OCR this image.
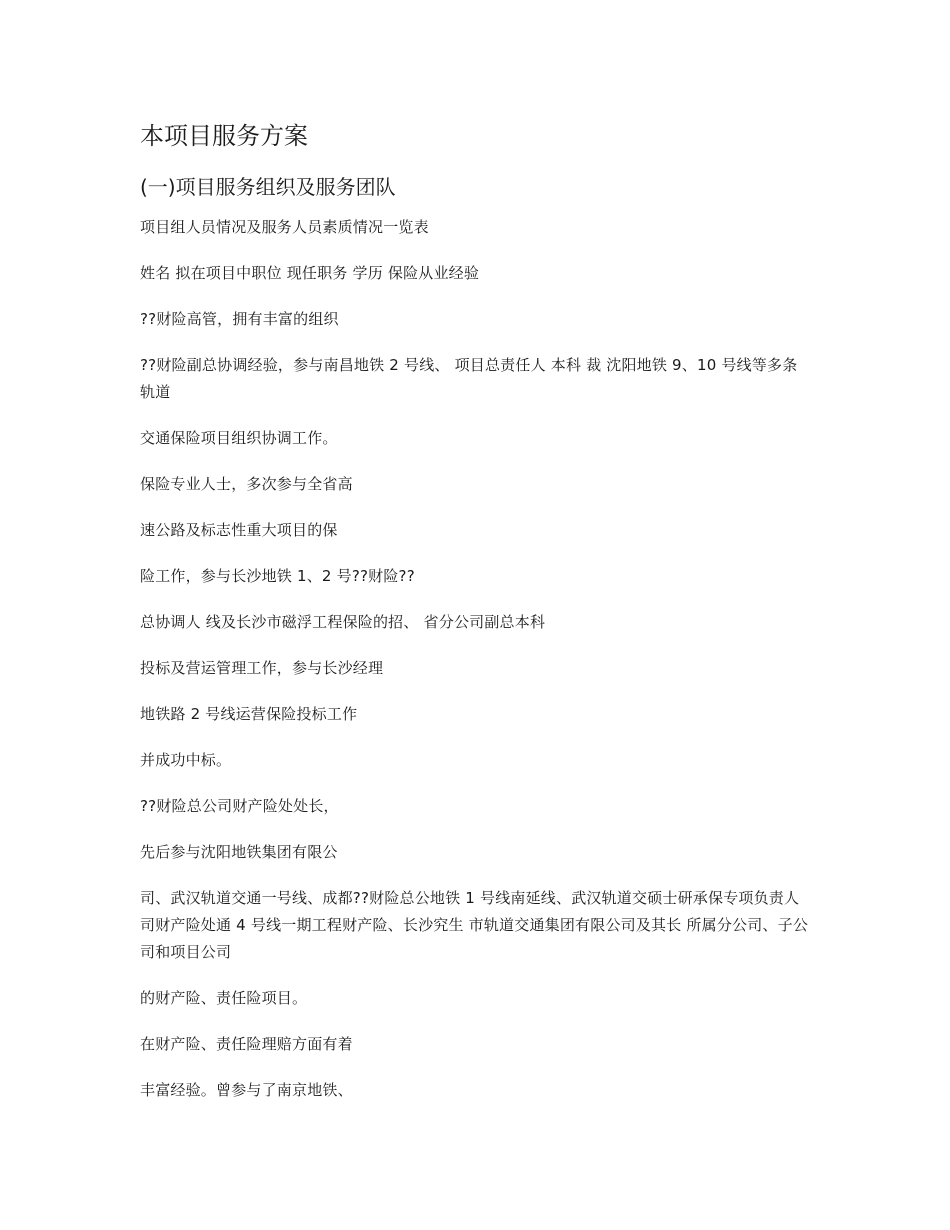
本项目服务方案
(一)项目服务组织及服务团队

项目组人员情况及服务人员素质情况一览表

姓名 拟在项目中职位 现任职务 学历 保险从业经验

??财险高管，拥有丰富的组织

??财险副总协调经验，参与南昌地铁 2 号线、 项目总责任人 本科 裁 沈阳地铁 9、10 号线等多条轨道

交通保险项目组织协调工作。

保险专业人士，多次参与全省高

速公路及标志性重大项目的保

险工作，参与长沙地铁 1、2 号??财险??

总协调人 线及长沙市磁浮工程保险的招、 省分公司副总本科

投标及营运管理工作，参与长沙经理

地铁路 2 号线运营保险投标工作

并成功中标。

??财险总公司财产险处处长，

先后参与沈阳地铁集团有限公

司、武汉轨道交通一号线、成都??财险总公地铁 1 号线南延线、武汉轨道交硕士研承保专项负责人 司财产险处通 4 号线一期工程财产险、长沙究生 市轨道交通集团有限公司及其长 所属分公司、子公司和项目公司

的财产险、责任险项目。

在财产险、责任险理赔方面有着

丰富经验。曾参与了南京地铁、
